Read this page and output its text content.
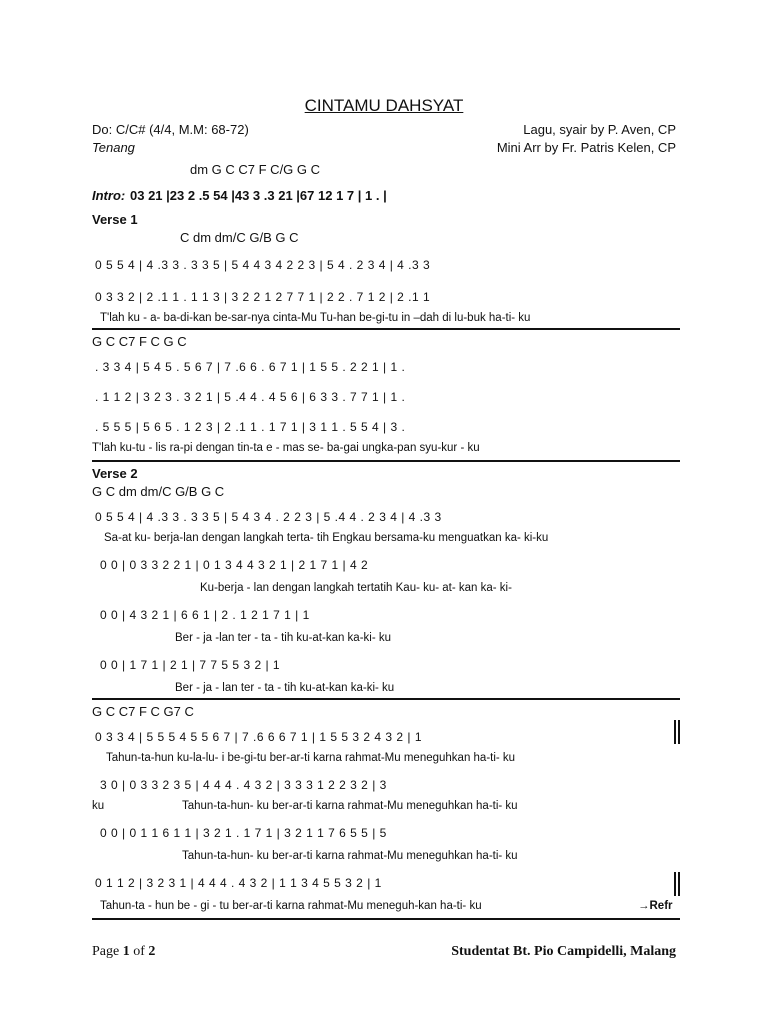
CINTAMU DAHSYAT
Do: C/C# (4/4, M.M: 68-72)
Tenang
Lagu, syair by P. Aven, CP
Mini Arr by Fr. Patris Kelen, CP
dm G C C7 F C/G G C
Intro: 03 21 |23 2 .5 54 |43 3 .3 21 |67 12 1 7 | 1 . |
Verse 1
C dm dm/C G/B G C
0 5 5 4 | 4 .3 3 . 3 3 5 | 5 4 4 3 4 2 2 3 | 5 4 . 2 3 4 | 4 .3 3
0 3 3 2 | 2 .1 1 . 1 1 3 | 3 2 2 1 2 7 7 1 | 2 2 . 7 1 2 | 2 .1 1
T'lah ku - a- ba-di-kan be-sar-nya cinta-Mu Tu-han be-gi-tu in –dah di lu-buk ha-ti- ku
G C C7 F C G C
. 3 3 4 | 5 4 5 . 5 6 7 | 7 .6 6 . 6 7 1 | 1 5 5 . 2 2 1 | 1 .
. 1 1 2 | 3 2 3 . 3 2 1 | 5 .4 4 . 4 5 6 | 6 3 3 . 7 7 1 | 1 .
. 5 5 5 | 5 6 5 . 1 2 3 | 2 .1 1 . 1 7 1 | 3 1 1 . 5 5 4 | 3 .
T'lah ku-tu - lis ra-pi dengan tin-ta e - mas se- ba-gai ungka-pan syu-kur - ku
Verse 2
G C dm dm/C G/B G C
0 5 5 4 | 4 .3 3 . 3 3 5 | 5 4 3 4 . 2 2 3 | 5 .4 4 . 2 3 4 | 4 .3 3
Sa-at ku- berja-lan dengan langkah terta- tih Engkau bersama-ku menguatkan ka- ki-ku
0 0 | 0 3 3 2 2 1 | 0 1 3 4 4 3 2 1 | 2 1 7 1 | 4 2
Ku-berja - lan dengan langkah tertatih Kau- ku- at- kan ka- ki-
0 0 | 4 3 2 1 | 6 6 1 | 2 . 1 2 1 7 1 | 1
Ber - ja -lan ter - ta - tih ku-at-kan ka-ki- ku
0 0 | 1 7 1 | 2 1 | 7 7 5 5 3 2 | 1
Ber - ja - lan ter - ta - tih ku-at-kan ka-ki- ku
G C C7 F C G7 C
0 3 3 4 | 5 5 5 4 5 5 6 7 | 7 .6 6 6 7 1 | 1 5 5 3 2 4 3 2 | 1
Tahun-ta-hun ku-la-lu- i be-gi-tu ber-ar-ti karna rahmat-Mu meneguhkan ha-ti- ku
3 0 | 0 3 3 2 3 5 | 4 4 4 . 4 3 2 | 3 3 3 1 2 2 3 2 | 3
ku	Tahun-ta-hun- ku ber-ar-ti karna rahmat-Mu meneguhkan ha-ti- ku
0 0 | 0 1 1 6 1 1 | 3 2 1 . 1 7 1 | 3 2 1 1 7 6 5 5 | 5
Tahun-ta-hun- ku ber-ar-ti karna rahmat-Mu meneguhkan ha-ti- ku
0 1 1 2 | 3 2 3 1 | 4 4 4 . 4 3 2 | 1 1 3 4 5 5 3 2 | 1
Tahun-ta - hun be - gi - tu ber-ar-ti karna rahmat-Mu meneguh-kan ha-ti- ku	→Refr
Page 1 of 2	Studentat Bt. Pio Campidelli, Malang
